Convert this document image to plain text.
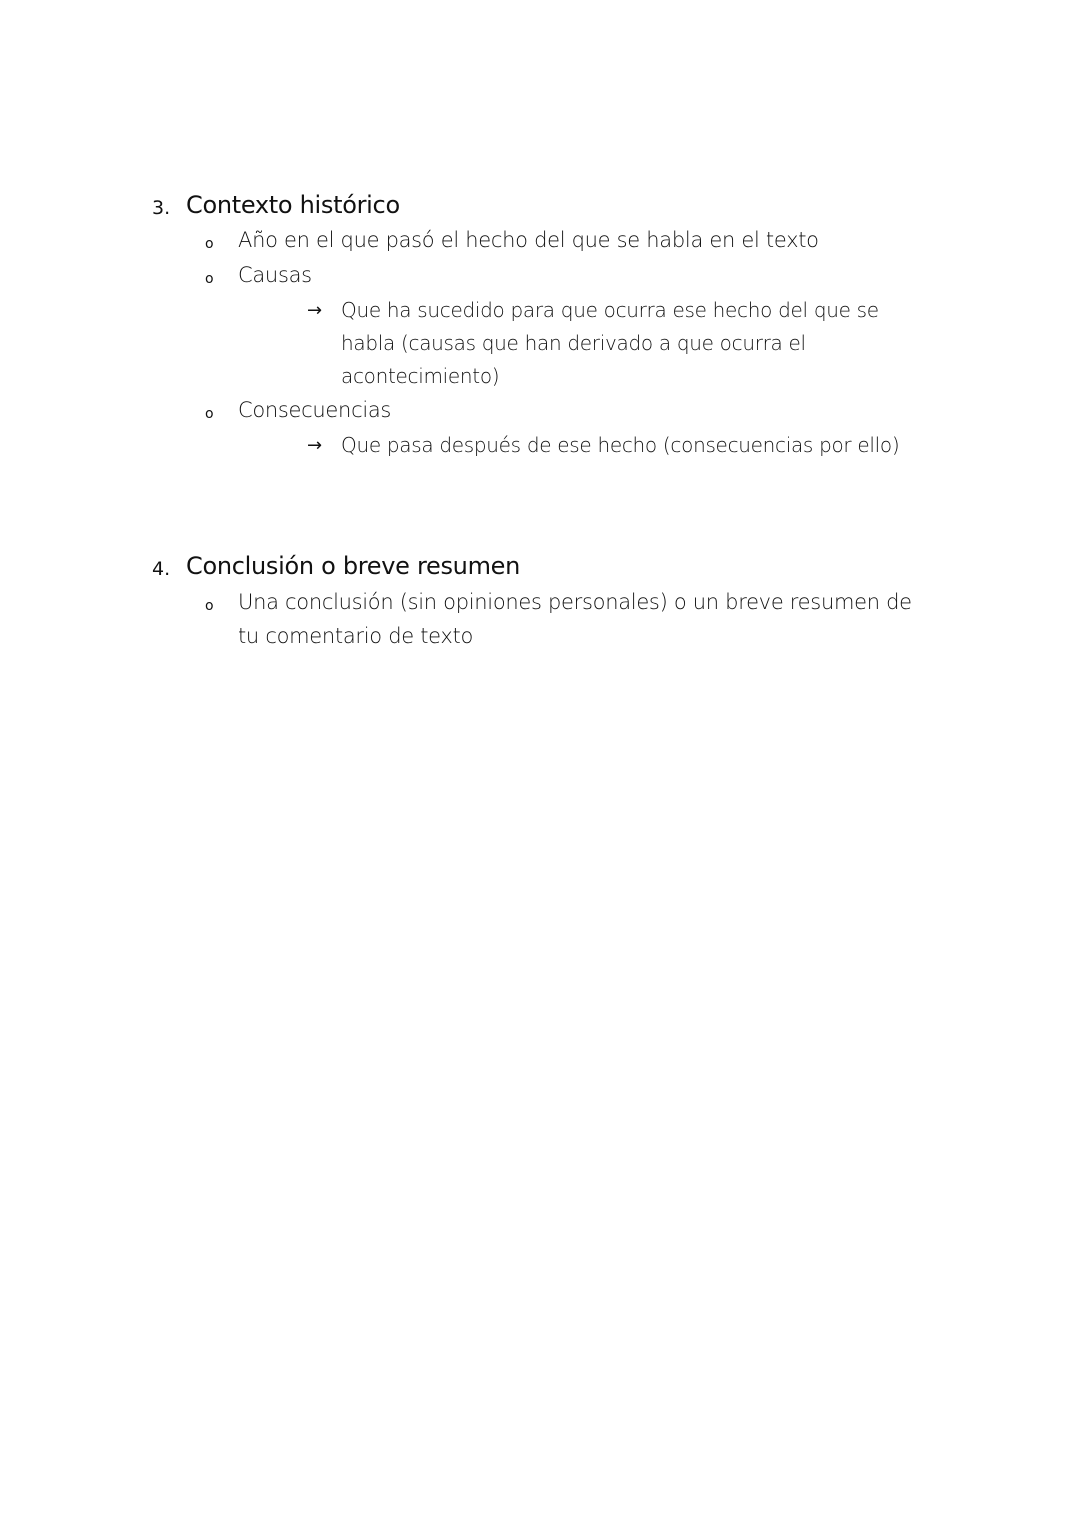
3. Contexto histórico
o Año en el que pasó el hecho del que se habla en el texto
o Causas
→ Que ha sucedido para que ocurra ese hecho del que se
habla (causas que han derivado a que ocurra el
acontecimiento)
o Consecuencias
→ Que pasa después de ese hecho (consecuencias por ello)
4. Conclusión o breve resumen
o Una conclusión (sin opiniones personales) o un breve resumen de
tu comentario de texto
